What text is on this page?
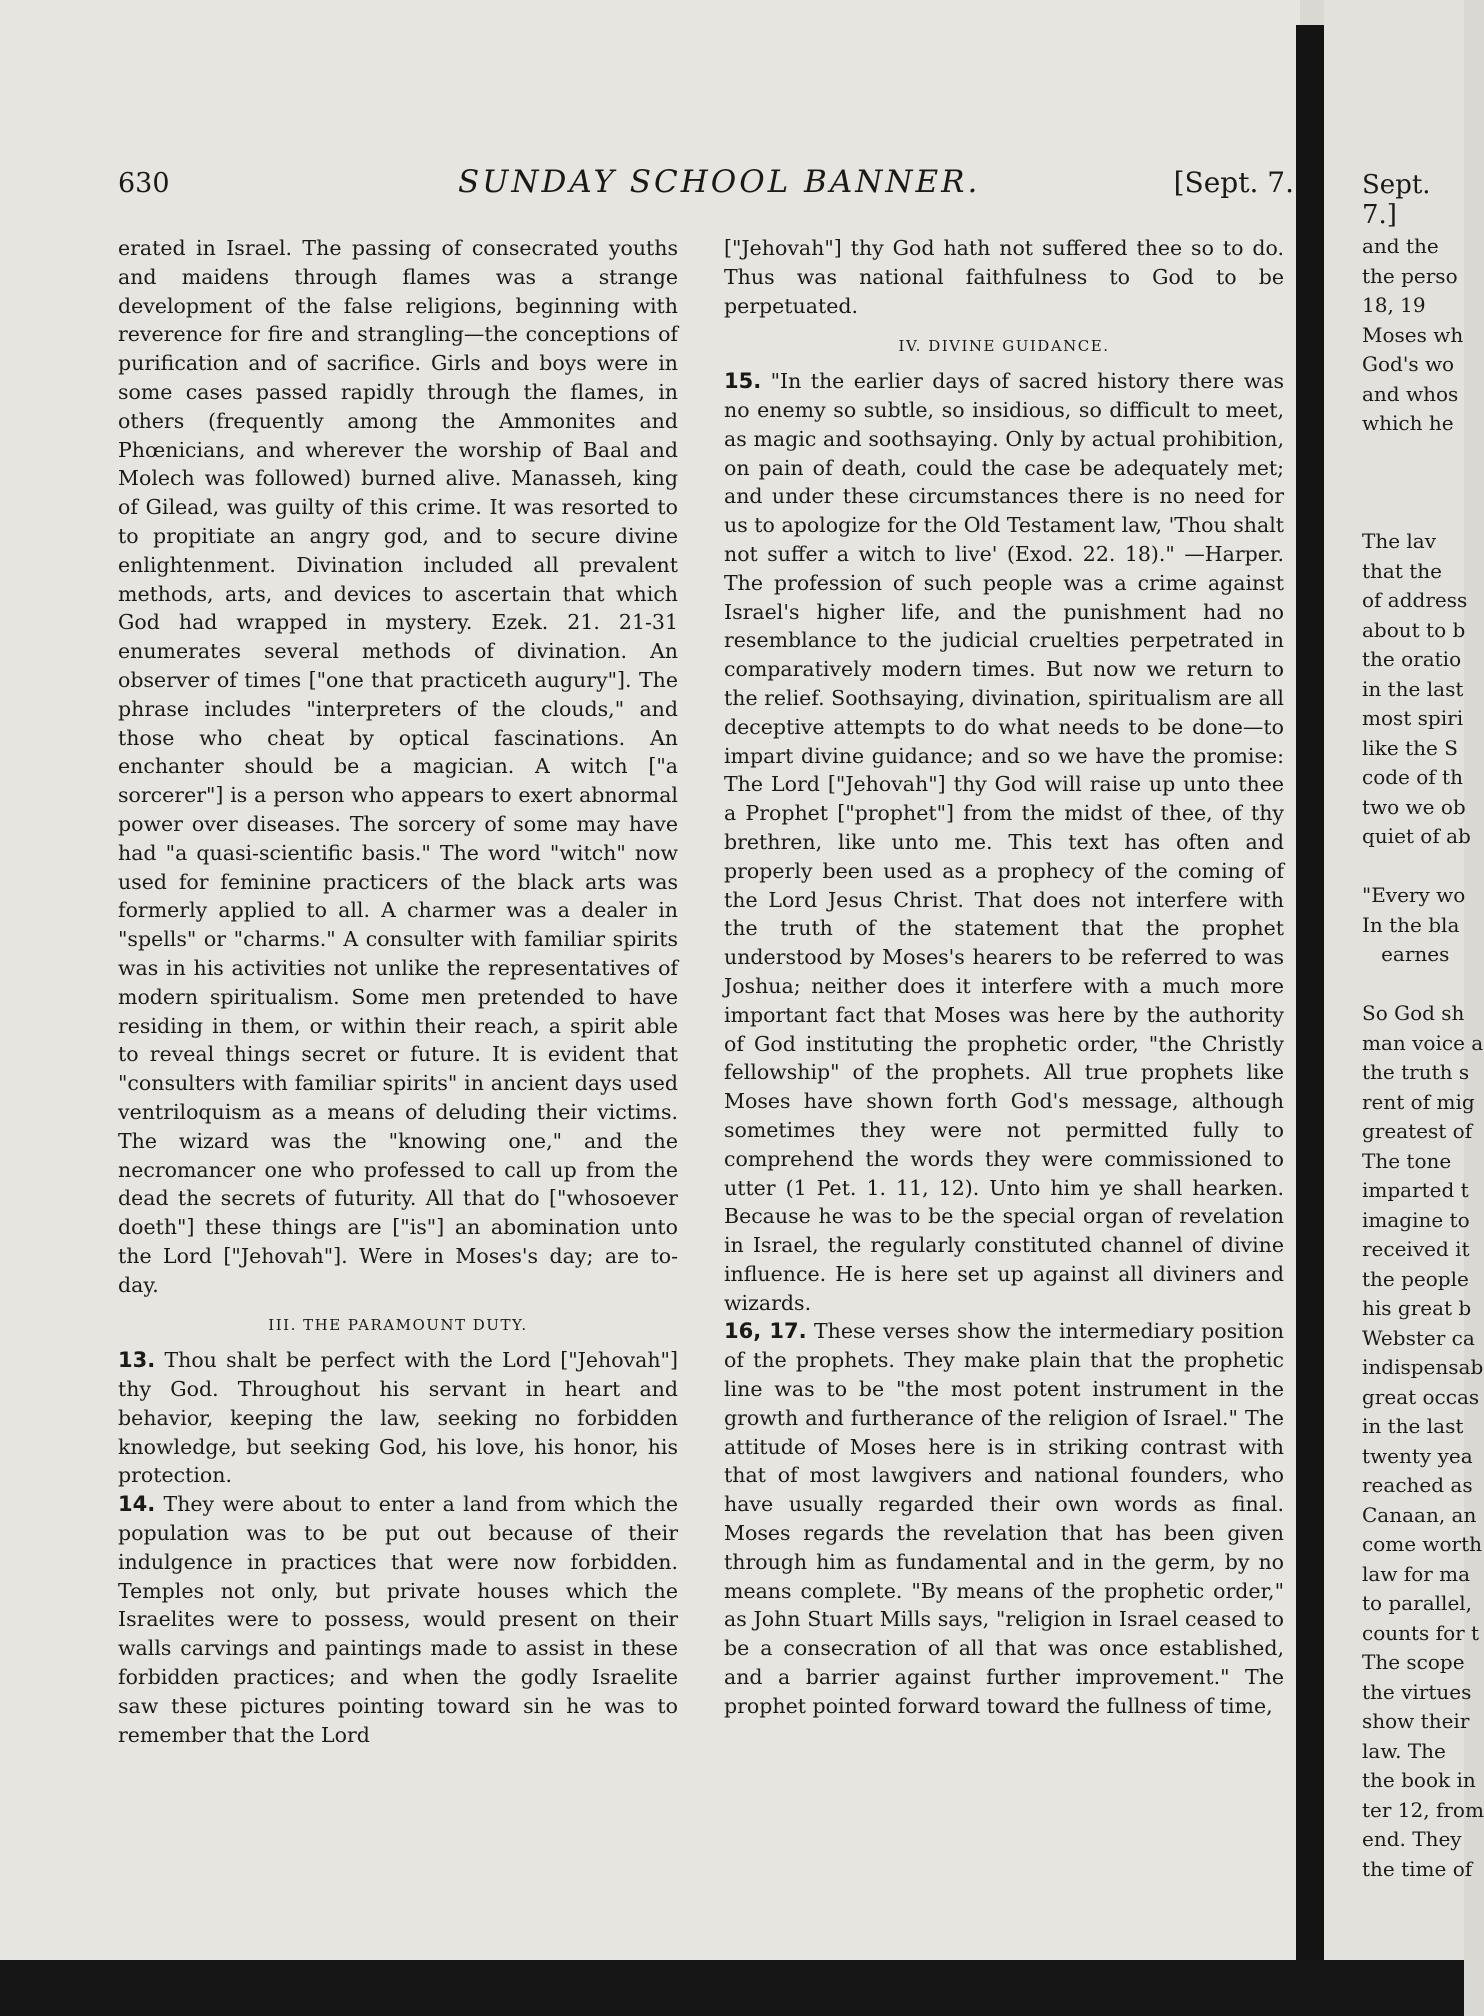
630	SUNDAY SCHOOL BANNER.	[Sept. 7.

erated in Israel. The passing of consecrated youths and maidens through flames was a strange development of the false religions, beginning with reverence for fire and strangling—the conceptions of purification and of sacrifice. Girls and boys were in some cases passed rapidly through the flames, in others (frequently among the Ammonites and Phœnicians, and wherever the worship of Baal and Molech was followed) burned alive. Manasseh, king of Gilead, was guilty of this crime. It was resorted to to propitiate an angry god, and to secure divine enlightenment. Divination included all prevalent methods, arts, and devices to ascertain that which God had wrapped in mystery. Ezek. 21. 21-31 enumerates several methods of divination. An observer of times ["one that practiceth augury"]. The phrase includes "interpreters of the clouds," and those who cheat by optical fascinations. An enchanter should be a magician. A witch ["a sorcerer"] is a person who appears to exert abnormal power over diseases. The sorcery of some may have had "a quasi-scientific basis." The word "witch" now used for feminine practicers of the black arts was formerly applied to all. A charmer was a dealer in "spells" or "charms." A consulter with familiar spirits was in his activities not unlike the representatives of modern spiritualism. Some men pretended to have residing in them, or within their reach, a spirit able to reveal things secret or future. It is evident that "consulters with familiar spirits" in ancient days used ventriloquism as a means of deluding their victims. The wizard was the "knowing one," and the necromancer one who professed to call up from the dead the secrets of futurity. All that do ["whosoever doeth"] these things are ["is"] an abomination unto the Lord ["Jehovah"]. Were in Moses's day; are to-day.

III. THE PARAMOUNT DUTY.

13. Thou shalt be perfect with the Lord ["Jehovah"] thy God. Throughout his servant in heart and behavior, keeping the law, seeking no forbidden knowledge, but seeking God, his love, his honor, his protection.

14. They were about to enter a land from which the population was to be put out because of their indulgence in practices that were now forbidden. Temples not only, but private houses which the Israelites were to possess, would present on their walls carvings and paintings made to assist in these forbidden practices; and when the godly Israelite saw these pictures pointing toward sin he was to remember that the Lord

["Jehovah"] thy God hath not suffered thee so to do. Thus was national faithfulness to God to be perpetuated.

IV. DIVINE GUIDANCE.

15. "In the earlier days of sacred history there was no enemy so subtle, so insidious, so difficult to meet, as magic and soothsaying. Only by actual prohibition, on pain of death, could the case be adequately met; and under these circumstances there is no need for us to apologize for the Old Testament law, 'Thou shalt not suffer a witch to live' (Exod. 22. 18)." —Harper. The profession of such people was a crime against Israel's higher life, and the punishment had no resemblance to the judicial cruelties perpetrated in comparatively modern times. But now we return to the relief. Soothsaying, divination, spiritualism are all deceptive attempts to do what needs to be done—to impart divine guidance; and so we have the promise: The Lord ["Jehovah"] thy God will raise up unto thee a Prophet ["prophet"] from the midst of thee, of thy brethren, like unto me. This text has often and properly been used as a prophecy of the coming of the Lord Jesus Christ. That does not interfere with the truth of the statement that the prophet understood by Moses's hearers to be referred to was Joshua; neither does it interfere with a much more important fact that Moses was here by the authority of God instituting the prophetic order, "the Christly fellowship" of the prophets. All true prophets like Moses have shown forth God's message, although sometimes they were not permitted fully to comprehend the words they were commissioned to utter (1 Pet. 1. 11, 12). Unto him ye shall hearken. Because he was to be the special organ of revelation in Israel, the regularly constituted channel of divine influence. He is here set up against all diviners and wizards.

16, 17. These verses show the intermediary position of the prophets. They make plain that the prophetic line was to be "the most potent instrument in the growth and furtherance of the religion of Israel." The attitude of Moses here is in striking contrast with that of most lawgivers and national founders, who have usually regarded their own words as final. Moses regards the revelation that has been given through him as fundamental and in the germ, by no means complete. "By means of the prophetic order," as John Stuart Mills says, "religion in Israel ceased to be a consecration of all that was once established, and a barrier against further improvement." The prophet pointed forward toward the fullness of time,

Sept. 7.]
and the
the perso
18, 19
Moses wh
God's wo
and whos
which he
The lav
that the
of address
about to b
the oratio
in the last
most spiri
like the S
code of th
two we ob
quiet of ab
"Every wo
In the bla
earnes
So God sh
man voice a
the truth s
rent of mig
greatest of
The tone
imparted t
imagine to
received it
the people
his great b
Webster ca
indispensab
great occas
in the last
twenty yea
reached as
Canaan, an
come worth
law for ma
to parallel,
counts for t
The scope
the virtues
show their
law. The
the book in
ter 12, from
end. They
the time of
